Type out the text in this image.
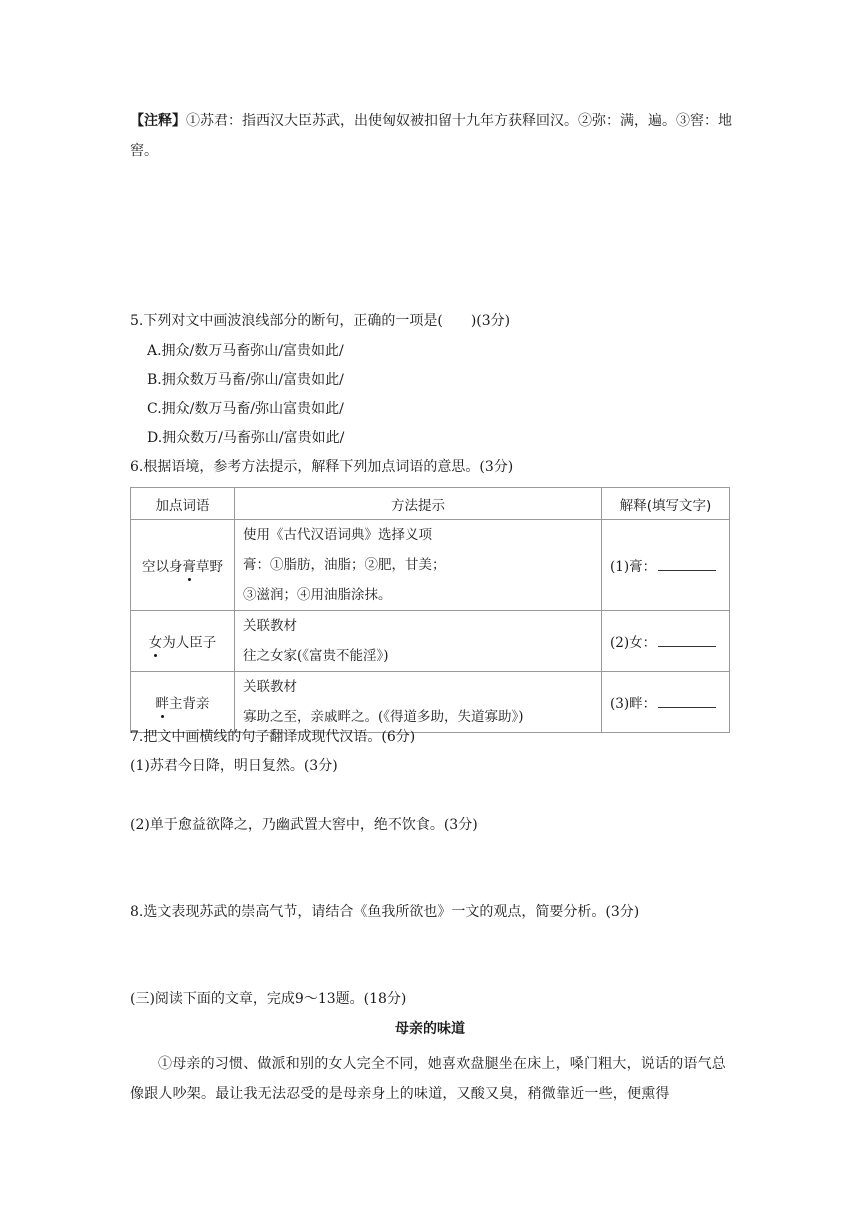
【注释】①苏君：指西汉大臣苏武，出使匈奴被扣留十九年方获释回汉。②弥：满，遍。③窖：地窖。
5.下列对文中画波浪线部分的断句，正确的一项是(　　)(3分)
A.拥众/数万马畜弥山/富贵如此/
B.拥众数万马畜/弥山/富贵如此/
C.拥众/数万马畜/弥山富贵如此/
D.拥众数万/马畜弥山/富贵如此/
6.根据语境，参考方法提示，解释下列加点词语的意思。(3分)
加点词语	方法提示	解释(填写文字)
空以身膏草野	使用《古代汉语词典》选择义项
膏：①脂肪，油脂；②肥，甘美；
③滋润；④用油脂涂抹。	(1)膏：
女为人臣子	关联教材
往之女家(《富贵不能淫》)	(2)女：
畔主背亲	关联教材
寡助之至，亲戚畔之。(《得道多助，失道寡助》)	(3)畔：
7.把文中画横线的句子翻译成现代汉语。(6分)
(1)苏君今日降，明日复然。(3分)
(2)单于愈益欲降之，乃幽武置大窖中，绝不饮食。(3分)
8.选文表现苏武的崇高气节，请结合《鱼我所欲也》一文的观点，简要分析。(3分)
(三)阅读下面的文章，完成9～13题。(18分)
母亲的味道
①母亲的习惯、做派和别的女人完全不同，她喜欢盘腿坐在床上，嗓门粗大，说话的语气总像跟人吵架。最让我无法忍受的是母亲身上的味道，又酸又臭，稍微靠近一些，便熏得
